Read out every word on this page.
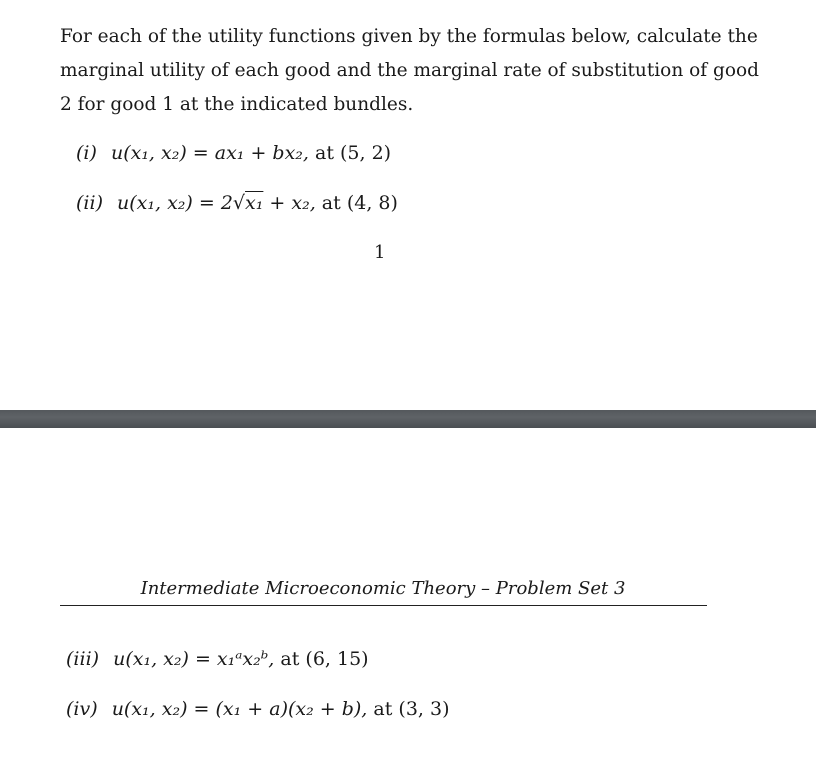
For each of the utility functions given by the formulas below, calculate the
marginal utility of each good and the marginal rate of substitution of good
2 for good 1 at the indicated bundles.

(i) u(x₁, x₂) = ax₁ + bx₂, at (5, 2)
(ii) u(x₁, x₂) = 2√x₁ + x₂, at (4, 8)
1
Intermediate Microeconomic Theory – Problem Set 3
(iii) u(x₁, x₂) = x₁ᵃx₂ᵇ, at (6, 15)
(iv) u(x₁, x₂) = (x₁ + a)(x₂ + b), at (3, 3)
